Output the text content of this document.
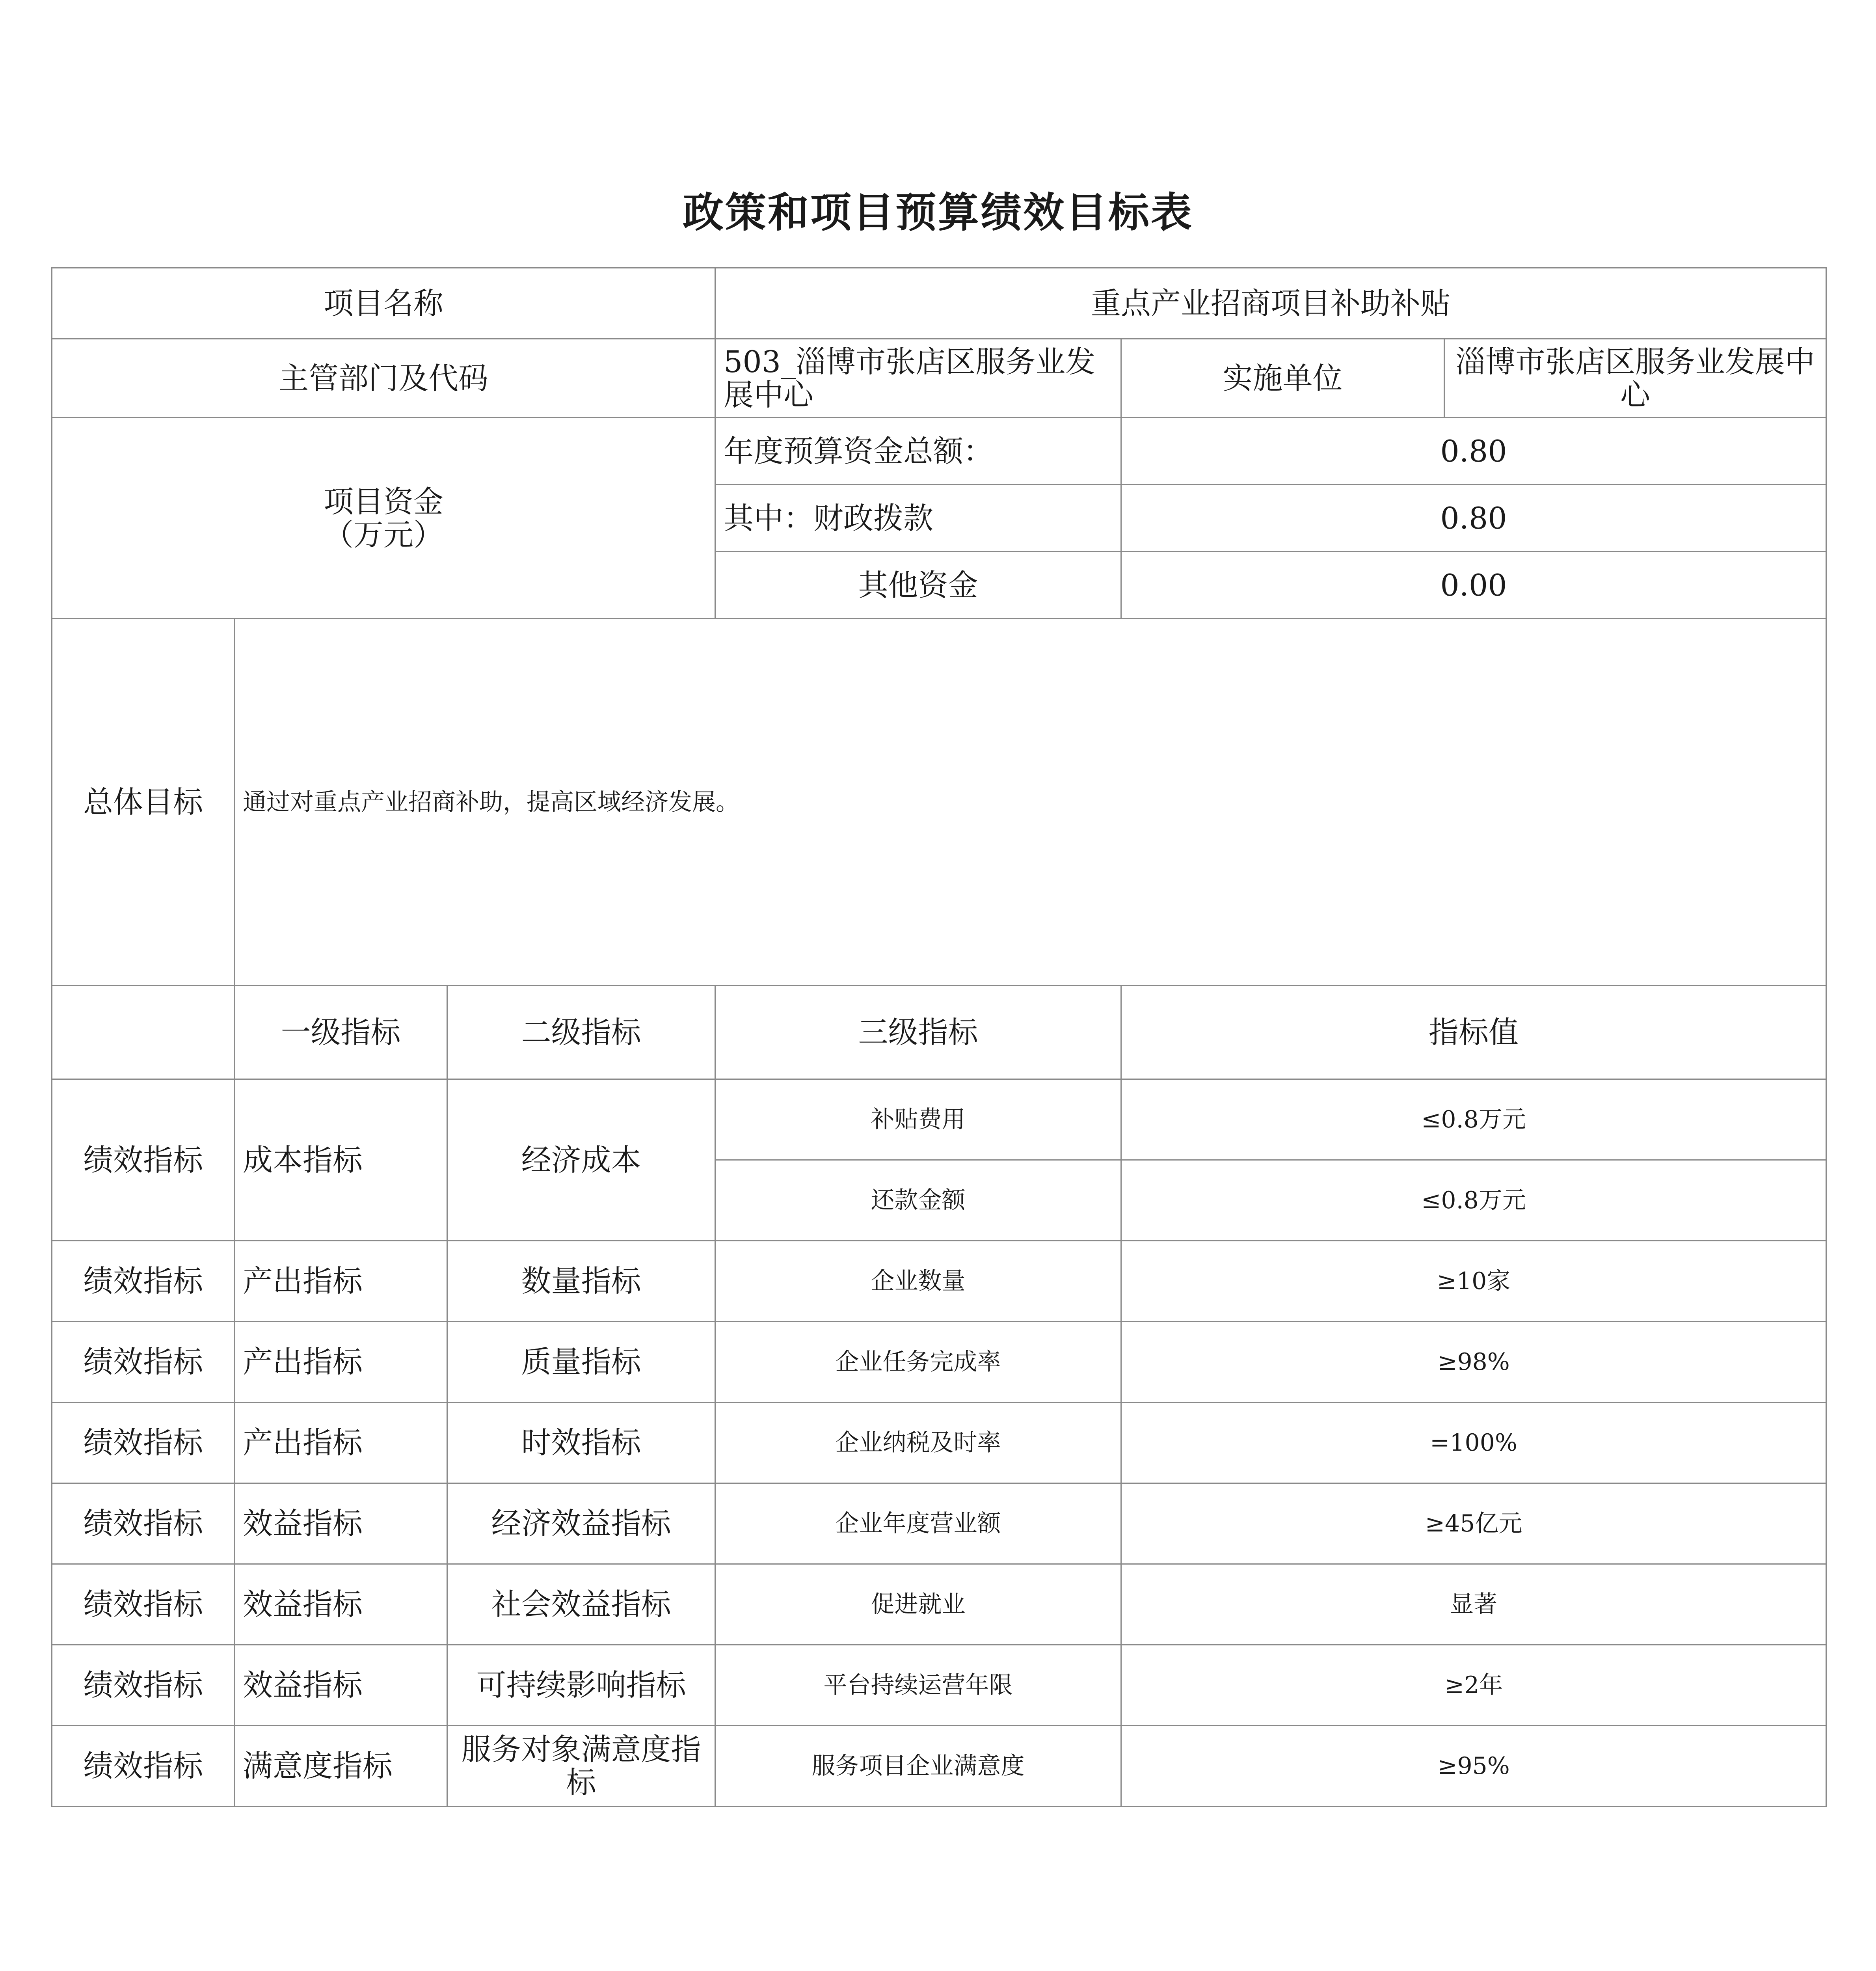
政策和项目预算绩效目标表
项目名称			重点产业招商项目补助补贴		
主管部门及代码			503_淄博市张店区服务业发展中心	实施单位	淄博市张店区服务业发展中心

项目资金
（万元）			年度预算资金总额：	0.80	
			其中：财政拨款	0.80	
			其他资金	0.00	
总体目标	通过对重点产业招商补助，提高区域经济发展。				
	一级指标	二级指标	三级指标	指标值	
绩效指标	成本指标	经济成本	补贴费用	≤0.8万元	
			还款金额	≤0.8万元	
绩效指标	产出指标	数量指标	企业数量	≥10家	
绩效指标	产出指标	质量指标	企业任务完成率	≥98%	
绩效指标	产出指标	时效指标	企业纳税及时率	=100%	
绩效指标	效益指标	经济效益指标	企业年度营业额	≥45亿元	
绩效指标	效益指标	社会效益指标	促进就业	显著	
绩效指标	效益指标	可持续影响指标	平台持续运营年限	≥2年	
绩效指标	满意度指标	服务对象满意度指标	服务项目企业满意度	≥95%	
